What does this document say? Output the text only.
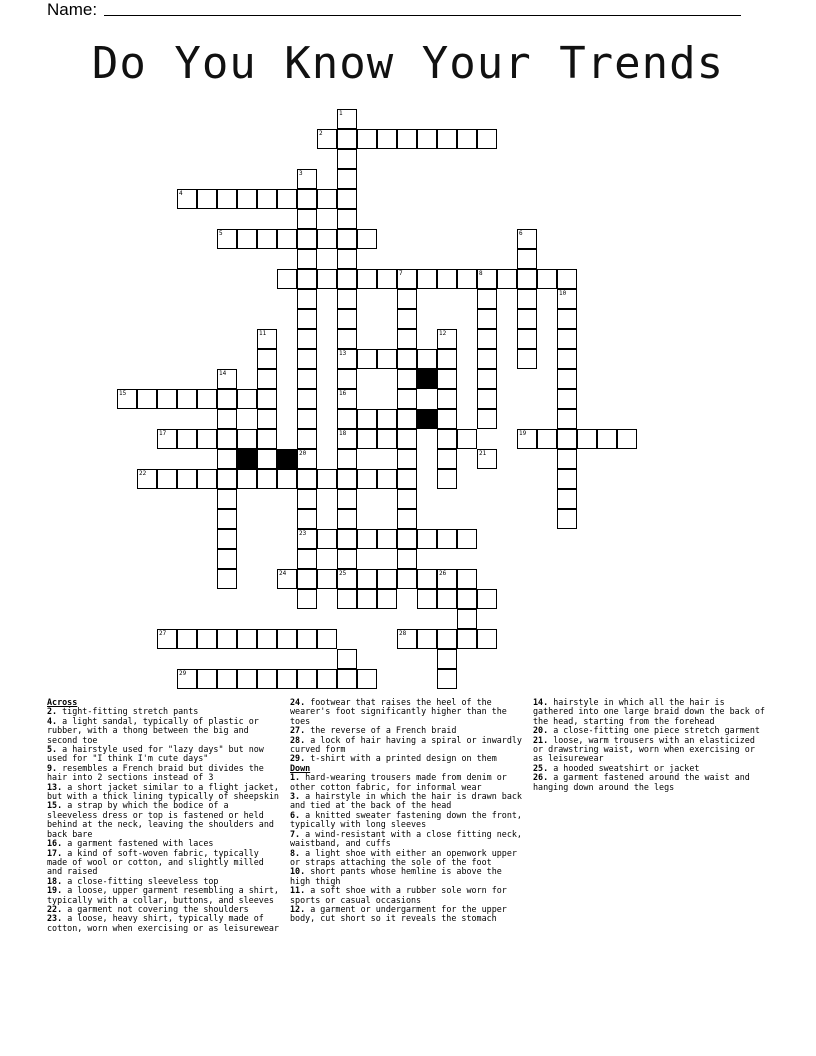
Name:
Do You Know Your Trends
1
13
16
18
25
2
3
20
23
4
5	6
7	8
10
11	12
14
15
17	19
21
22
24	26
27	28
29
Across
2. tight-fitting stretch pants
4. a light sandal, typically of plastic or rubber, with a thong between the big and second toe
5. a hairstyle used for "lazy days" but now used for "I think I'm cute days"
9. resembles a French braid but divides the hair into 2 sections instead of 3
13. a short jacket similar to a flight jacket, but with a thick lining typically of sheepskin
15. a strap by which the bodice of a sleeveless dress or top is fastened or held behind at the neck, leaving the shoulders and back bare
16. a garment fastened with laces
17. a kind of soft-woven fabric, typically made of wool or cotton, and slightly milled and raised
18. a close-fitting sleeveless top
19. a loose, upper garment resembling a shirt, typically with a collar, buttons, and sleeves
22. a garment not covering the shoulders
23. a loose, heavy shirt, typically made of cotton, worn when exercising or as leisurewear
24. footwear that raises the heel of the wearer's foot significantly higher than the toes
27. the reverse of a French braid
28. a lock of hair having a spiral or inwardly curved form
29. t-shirt with a printed design on them
Down
1. hard-wearing trousers made from denim or other cotton fabric, for informal wear
3. a hairstyle in which the hair is drawn back and tied at the back of the head
6. a knitted sweater fastening down the front, typically with long sleeves
7. a wind-resistant with a close fitting neck, waistband, and cuffs
8. a light shoe with either an openwork upper or straps attaching the sole of the foot
10. short pants whose hemline is above the high thigh
11. a soft shoe with a rubber sole worn for sports or casual occasions
12. a garment or undergarment for the upper body, cut short so it reveals the stomach
14. hairstyle in which all the hair is gathered into one large braid down the back of the head, starting from the forehead
20. a close-fitting one piece stretch garment
21. loose, warm trousers with an elasticized or drawstring waist, worn when exercising or as leisurewear
25. a hooded sweatshirt or jacket
26. a garment fastened around the waist and hanging down around the legs
